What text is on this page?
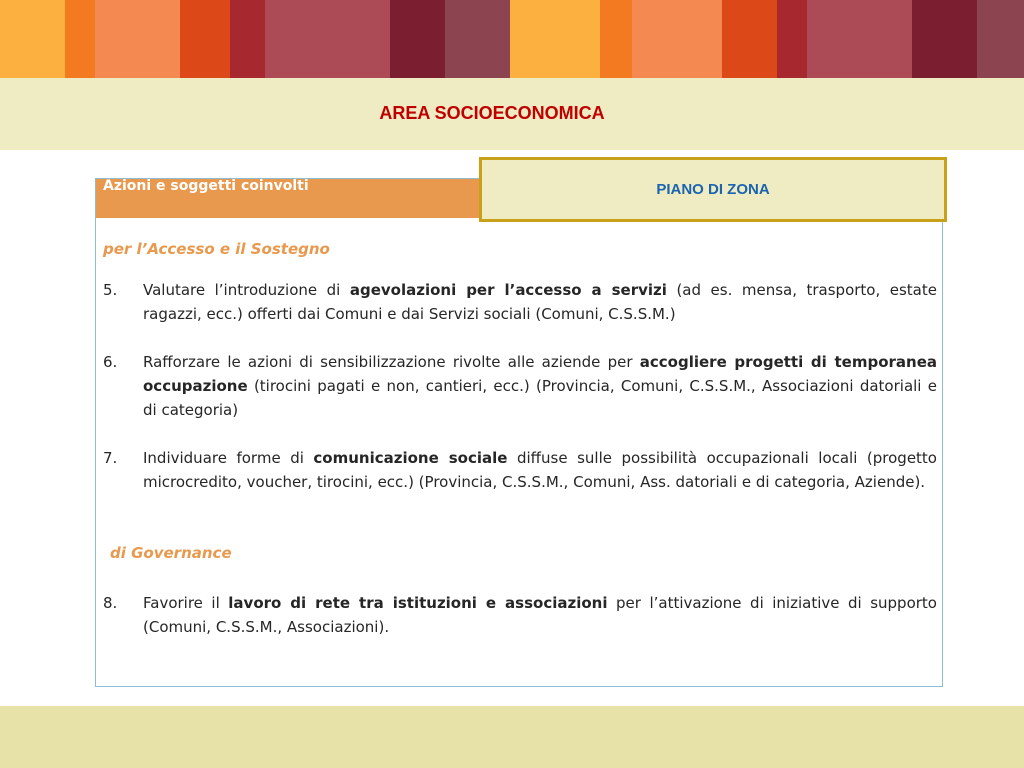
AREA SOCIOECONOMICA
Azioni e soggetti coinvolti	PIANO DI ZONA
per l’Accesso e il Sostegno
5. Valutare l’introduzione di agevolazioni per l’accesso a servizi (ad es. mensa, trasporto, estate ragazzi, ecc.) offerti dai Comuni e dai Servizi sociali (Comuni, C.S.S.M.)
6. Rafforzare le azioni di sensibilizzazione rivolte alle aziende per accogliere progetti di temporanea occupazione (tirocini pagati e non, cantieri, ecc.) (Provincia, Comuni, C.S.S.M., Associazioni datoriali e di categoria)
7. Individuare forme di comunicazione sociale diffuse sulle possibilità occupazionali locali (progetto microcredito, voucher, tirocini, ecc.) (Provincia, C.S.S.M., Comuni, Ass. datoriali e di categoria, Aziende).
di Governance
8. Favorire il lavoro di rete tra istituzioni e associazioni per l’attivazione di iniziative di supporto (Comuni, C.S.S.M., Associazioni).
